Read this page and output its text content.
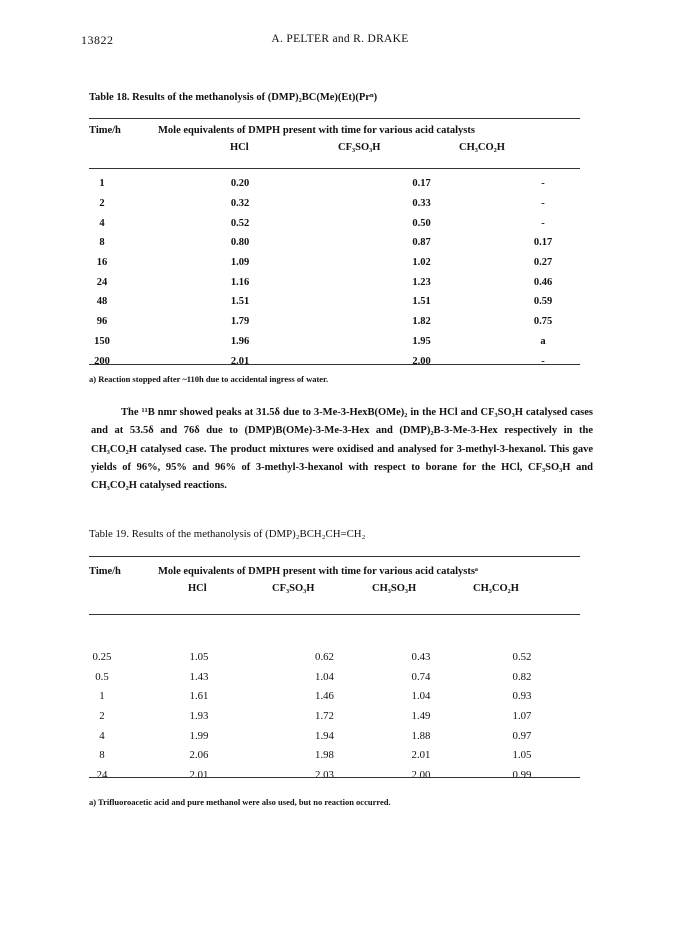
13822	A. PELTER and R. DRAKE
Table 18. Results of the methanolysis of (DMP)₂BC(Me)(Et)(Prⁿ)
Time/h	Mole equivalents of DMPH present with time for various acid catalysts
HCl	CF₃SO₃H	CH₃CO₂H
1	0.20	0.17	-
2	0.32	0.33	-
4	0.52	0.50	-
8	0.80	0.87	0.17
16	1.09	1.02	0.27
24	1.16	1.23	0.46
48	1.51	1.51	0.59
96	1.79	1.82	0.75
150	1.96	1.95	a
200	2.01	2.00	-
a) Reaction stopped after ~110h due to accidental ingress of water.
The ¹¹B nmr showed peaks at 31.5δ due to 3-Me-3-HexB(OMe)₂ in the HCl and CF₃SO₃H catalysed cases and at 53.5δ and 76δ due to (DMP)B(OMe)-3-Me-3-Hex and (DMP)₂B-3-Me-3-Hex respectively in the CH₃CO₂H catalysed case. The product mixtures were oxidised and analysed for 3-methyl-3-hexanol. This gave yields of 96%, 95% and 96% of 3-methyl-3-hexanol with respect to borane for the HCl, CF₃SO₃H and CH₃CO₂H catalysed reactions.
Table 19. Results of the methanolysis of (DMP)₂BCH₂CH=CH₂
Time/h	Mole equivalents of DMPH present with time for various acid catalystsᵃ
HCl	CF₃SO₃H	CH₃SO₃H	CH₃CO₂H
0.25	1.05	0.62	0.43	0.52
0.5	1.43	1.04	0.74	0.82
1	1.61	1.46	1.04	0.93
2	1.93	1.72	1.49	1.07
4	1.99	1.94	1.88	0.97
8	2.06	1.98	2.01	1.05
24	2.01	2.03	2.00	0.99
a) Trifluoroacetic acid and pure methanol were also used, but no reaction occurred.
